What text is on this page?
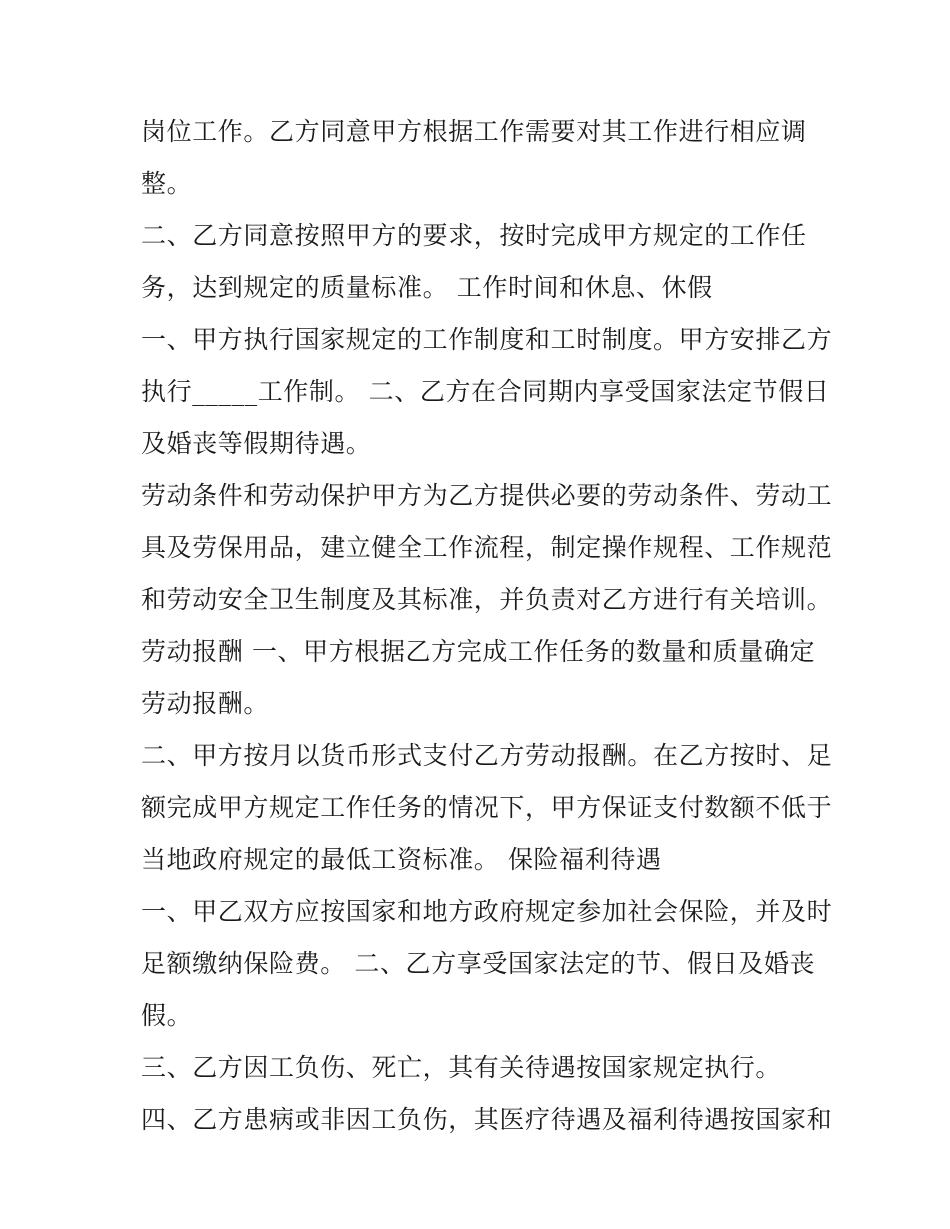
岗位工作。乙方同意甲方根据工作需要对其工作进行相应调
整。
二、乙方同意按照甲方的要求，按时完成甲方规定的工作任
务，达到规定的质量标准。 工作时间和休息、休假
一、甲方执行国家规定的工作制度和工时制度。甲方安排乙方
执行_____工作制。 二、乙方在合同期内享受国家法定节假日
及婚丧等假期待遇。
劳动条件和劳动保护甲方为乙方提供必要的劳动条件、劳动工
具及劳保用品，建立健全工作流程，制定操作规程、工作规范
和劳动安全卫生制度及其标准，并负责对乙方进行有关培训。
劳动报酬 一、甲方根据乙方完成工作任务的数量和质量确定
劳动报酬。
二、甲方按月以货币形式支付乙方劳动报酬。在乙方按时、足
额完成甲方规定工作任务的情况下，甲方保证支付数额不低于
当地政府规定的最低工资标准。 保险福利待遇
一、甲乙双方应按国家和地方政府规定参加社会保险，并及时
足额缴纳保险费。 二、乙方享受国家法定的节、假日及婚丧
假。
三、乙方因工负伤、死亡，其有关待遇按国家规定执行。
四、乙方患病或非因工负伤，其医疗待遇及福利待遇按国家和
